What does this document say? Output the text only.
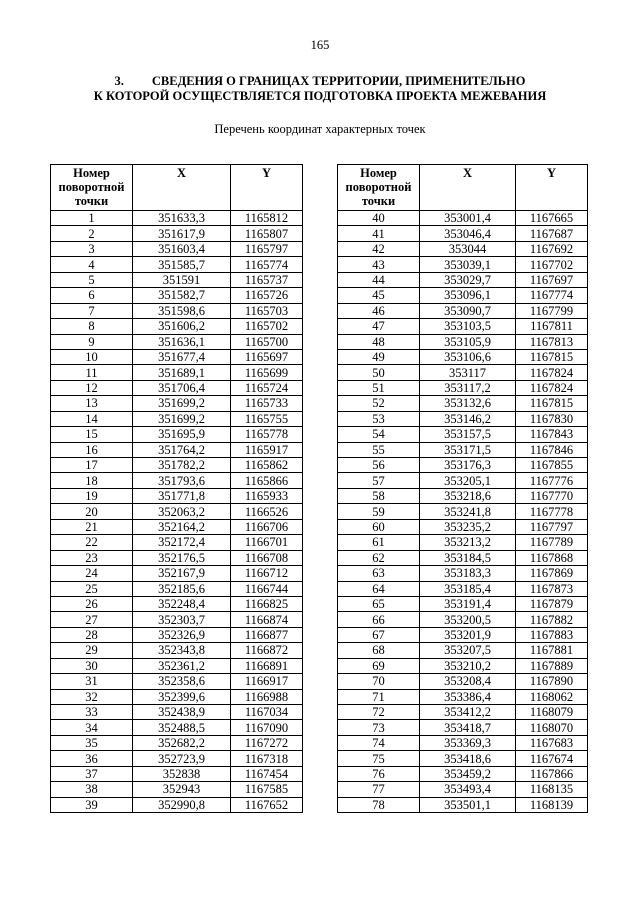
165
3. СВЕДЕНИЯ О ГРАНИЦАХ ТЕРРИТОРИИ, ПРИМЕНИТЕЛЬНО
К КОТОРОЙ ОСУЩЕСТВЛЯЕТСЯ ПОДГОТОВКА ПРОЕКТА МЕЖЕВАНИЯ
Перечень координат характерных точек
Номер
поворотной
точки	X	Y
1	351633,3	1165812
2	351617,9	1165807
3	351603,4	1165797
4	351585,7	1165774
5	351591	1165737
6	351582,7	1165726
7	351598,6	1165703
8	351606,2	1165702
9	351636,1	1165700
10	351677,4	1165697
11	351689,1	1165699
12	351706,4	1165724
13	351699,2	1165733
14	351699,2	1165755
15	351695,9	1165778
16	351764,2	1165917
17	351782,2	1165862
18	351793,6	1165866
19	351771,8	1165933
20	352063,2	1166526
21	352164,2	1166706
22	352172,4	1166701
23	352176,5	1166708
24	352167,9	1166712
25	352185,6	1166744
26	352248,4	1166825
27	352303,7	1166874
28	352326,9	1166877
29	352343,8	1166872
30	352361,2	1166891
31	352358,6	1166917
32	352399,6	1166988
33	352438,9	1167034
34	352488,5	1167090
35	352682,2	1167272
36	352723,9	1167318
37	352838	1167454
38	352943	1167585
39	352990,8	1167652
Номер
поворотной
точки	X	Y
40	353001,4	1167665
41	353046,4	1167687
42	353044	1167692
43	353039,1	1167702
44	353029,7	1167697
45	353096,1	1167774
46	353090,7	1167799
47	353103,5	1167811
48	353105,9	1167813
49	353106,6	1167815
50	353117	1167824
51	353117,2	1167824
52	353132,6	1167815
53	353146,2	1167830
54	353157,5	1167843
55	353171,5	1167846
56	353176,3	1167855
57	353205,1	1167776
58	353218,6	1167770
59	353241,8	1167778
60	353235,2	1167797
61	353213,2	1167789
62	353184,5	1167868
63	353183,3	1167869
64	353185,4	1167873
65	353191,4	1167879
66	353200,5	1167882
67	353201,9	1167883
68	353207,5	1167881
69	353210,2	1167889
70	353208,4	1167890
71	353386,4	1168062
72	353412,2	1168079
73	353418,7	1168070
74	353369,3	1167683
75	353418,6	1167674
76	353459,2	1167866
77	353493,4	1168135
78	353501,1	1168139
